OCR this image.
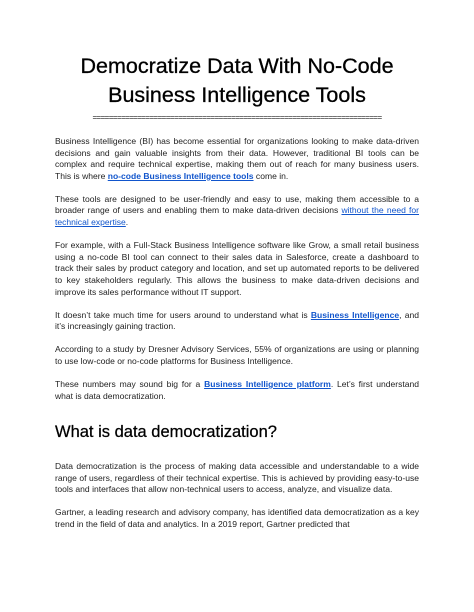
Democratize Data With No-Code
Business Intelligence Tools
=======================================================================

Business Intelligence (BI) has become essential for organizations looking to make data-driven decisions and gain valuable insights from their data. However, traditional BI tools can be complex and require technical expertise, making them out of reach for many business users. This is where no-code Business Intelligence tools come in.

These tools are designed to be user-friendly and easy to use, making them accessible to a broader range of users and enabling them to make data-driven decisions without the need for technical expertise.

For example, with a Full-Stack Business Intelligence software like Grow, a small retail business using a no-code BI tool can connect to their sales data in Salesforce, create a dashboard to track their sales by product category and location, and set up automated reports to be delivered to key stakeholders regularly. This allows the business to make data-driven decisions and improve its sales performance without IT support.

It doesn’t take much time for users around to understand what is Business Intelligence, and it’s increasingly gaining traction.

According to a study by Dresner Advisory Services, 55% of organizations are using or planning to use low-code or no-code platforms for Business Intelligence.

These numbers may sound big for a Business Intelligence platform. Let’s first understand what is data democratization.

What is data democratization?

Data democratization is the process of making data accessible and understandable to a wide range of users, regardless of their technical expertise. This is achieved by providing easy-to-use tools and interfaces that allow non-technical users to access, analyze, and visualize data.

Gartner, a leading research and advisory company, has identified data democratization as a key trend in the field of data and analytics. In a 2019 report, Gartner predicted that
